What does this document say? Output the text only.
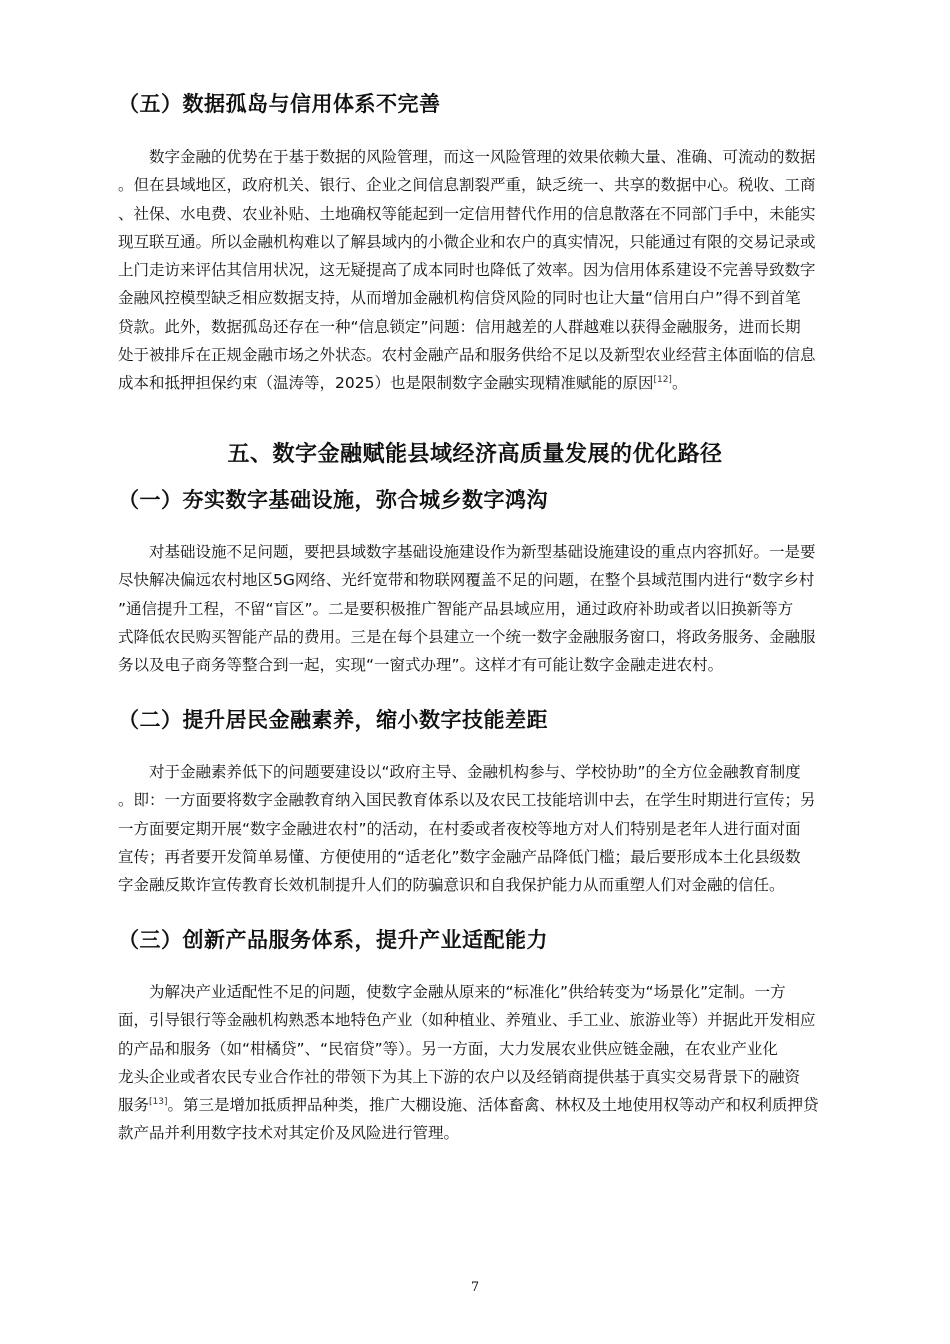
（五）数据孤岛与信用体系不完善
数字金融的优势在于基于数据的风险管理，而这一风险管理的效果依赖大量、准确、可流动的数据
。但在县域地区，政府机关、银行、企业之间信息割裂严重，缺乏统一、共享的数据中心。税收、工商
、社保、水电费、农业补贴、土地确权等能起到一定信用替代作用的信息散落在不同部门手中，未能实
现互联互通。所以金融机构难以了解县域内的小微企业和农户的真实情况，只能通过有限的交易记录或
上门走访来评估其信用状况，这无疑提高了成本同时也降低了效率。因为信用体系建设不完善导致数字
金融风控模型缺乏相应数据支持，从而增加金融机构信贷风险的同时也让大量“信用白户”得不到首笔
贷款。此外，数据孤岛还存在一种“信息锁定”问题：信用越差的人群越难以获得金融服务，进而长期
处于被排斥在正规金融市场之外状态。农村金融产品和服务供给不足以及新型农业经营主体面临的信息
成本和抵押担保约束（温涛等，2025）也是限制数字金融实现精准赋能的原因[12]。
五、数字金融赋能县域经济高质量发展的优化路径
（一）夯实数字基础设施，弥合城乡数字鸿沟
对基础设施不足问题，要把县域数字基础设施建设作为新型基础设施建设的重点内容抓好。一是要
尽快解决偏远农村地区5G网络、光纤宽带和物联网覆盖不足的问题，在整个县域范围内进行“数字乡村
”通信提升工程，不留“盲区”。二是要积极推广智能产品县域应用，通过政府补助或者以旧换新等方
式降低农民购买智能产品的费用。三是在每个县建立一个统一数字金融服务窗口，将政务服务、金融服
务以及电子商务等整合到一起，实现“一窗式办理”。这样才有可能让数字金融走进农村。
（二）提升居民金融素养，缩小数字技能差距
对于金融素养低下的问题要建设以“政府主导、金融机构参与、学校协助”的全方位金融教育制度
。即：一方面要将数字金融教育纳入国民教育体系以及农民工技能培训中去，在学生时期进行宣传；另
一方面要定期开展“数字金融进农村”的活动，在村委或者夜校等地方对人们特别是老年人进行面对面
宣传；再者要开发简单易懂、方便使用的“适老化”数字金融产品降低门槛；最后要形成本土化县级数
字金融反欺诈宣传教育长效机制提升人们的防骗意识和自我保护能力从而重塑人们对金融的信任。
（三）创新产品服务体系，提升产业适配能力
为解决产业适配性不足的问题，使数字金融从原来的“标准化”供给转变为“场景化”定制。一方
面，引导银行等金融机构熟悉本地特色产业（如种植业、养殖业、手工业、旅游业等）并据此开发相应
的产品和服务（如“柑橘贷”、“民宿贷”等）。另一方面，大力发展农业供应链金融，在农业产业化
龙头企业或者农民专业合作社的带领下为其上下游的农户以及经销商提供基于真实交易背景下的融资
服务[13]。第三是增加抵质押品种类，推广大棚设施、活体畜禽、林权及土地使用权等动产和权利质押贷
款产品并利用数字技术对其定价及风险进行管理。
7
